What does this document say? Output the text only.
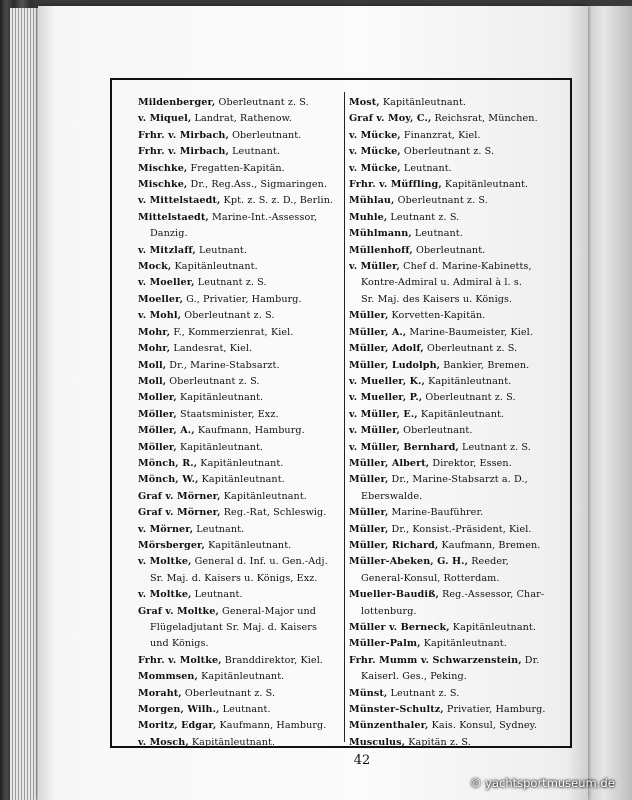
Mildenberger, Oberleutnant z. S.
v. Miquel, Landrat, Rathenow.
Frhr. v. Mirbach, Oberleutnant.
Frhr. v. Mirbach, Leutnant.
Mischke, Fregatten-Kapitän.
Mischke, Dr., Reg.Ass., Sigmaringen.
v. Mittelstaedt, Kpt. z. S. z. D., Berlin.
Mittelstaedt, Marine-Int.-Assessor,
Danzig.
v. Mitzlaff, Leutnant.
Mock, Kapitänleutnant.
v. Moeller, Leutnant z. S.
Moeller, G., Privatier, Hamburg.
v. Mohl, Oberleutnant z. S.
Mohr, F., Kommerzienrat, Kiel.
Mohr, Landesrat, Kiel.
Moll, Dr., Marine-Stabsarzt.
Moll, Oberleutnant z. S.
Moller, Kapitänleutnant.
Möller, Staatsminister, Exz.
Möller, A., Kaufmann, Hamburg.
Möller, Kapitänleutnant.
Mönch, R., Kapitänleutnant.
Mönch, W., Kapitänleutnant.
Graf v. Mörner, Kapitänleutnant.
Graf v. Mörner, Reg.-Rat, Schleswig.
v. Mörner, Leutnant.
Mörsberger, Kapitänleutnant.
v. Moltke, General d. Inf. u. Gen.-Adj.
Sr. Maj. d. Kaisers u. Königs, Exz.
v. Moltke, Leutnant.
Graf v. Moltke, General-Major und
Flügeladjutant Sr. Maj. d. Kaisers
und Königs.
Frhr. v. Moltke, Branddirektor, Kiel.
Mommsen, Kapitänleutnant.
Moraht, Oberleutnant z. S.
Morgen, Wilh., Leutnant.
Moritz, Edgar, Kaufmann, Hamburg.
v. Mosch, Kapitänleutnant.
Most, Kapitänleutnant.
Graf v. Moy, C., Reichsrat, München.
v. Mücke, Finanzrat, Kiel.
v. Mücke, Oberleutnant z. S.
v. Mücke, Leutnant.
Frhr. v. Müffling, Kapitänleutnant.
Mühlau, Oberleutnant z. S.
Muhle, Leutnant z. S.
Mühlmann, Leutnant.
Müllenhoff, Oberleutnant.
v. Müller, Chef d. Marine-Kabinetts,
Kontre-Admiral u. Admiral à l. s.
Sr. Maj. des Kaisers u. Königs.
Müller, Korvetten-Kapitän.
Müller, A., Marine-Baumeister, Kiel.
Müller, Adolf, Oberleutnant z. S.
Müller, Ludolph, Bankier, Bremen.
v. Mueller, K., Kapitänleutnant.
v. Mueller, P., Oberleutnant z. S.
v. Müller, E., Kapitänleutnant.
v. Müller, Oberleutnant.
v. Müller, Bernhard, Leutnant z. S.
Müller, Albert, Direktor, Essen.
Müller, Dr., Marine-Stabsarzt a. D.,
Eberswalde.
Müller, Marine-Bauführer.
Müller, Dr., Konsist.-Präsident, Kiel.
Müller, Richard, Kaufmann, Bremen.
Müller-Abeken, G. H., Reeder,
General-Konsul, Rotterdam.
Mueller-Baudiß, Reg.-Assessor, Char-
lottenburg.
Müller v. Berneck, Kapitänleutnant.
Müller-Palm, Kapitänleutnant.
Frhr. Mumm v. Schwarzenstein, Dr.
Kaiserl. Ges., Peking.
Münst, Leutnant z. S.
Münster-Schultz, Privatier, Hamburg.
Münzenthaler, Kais. Konsul, Sydney.
Musculus, Kapitän z. S.
42
© yachtsportmuseum.de
